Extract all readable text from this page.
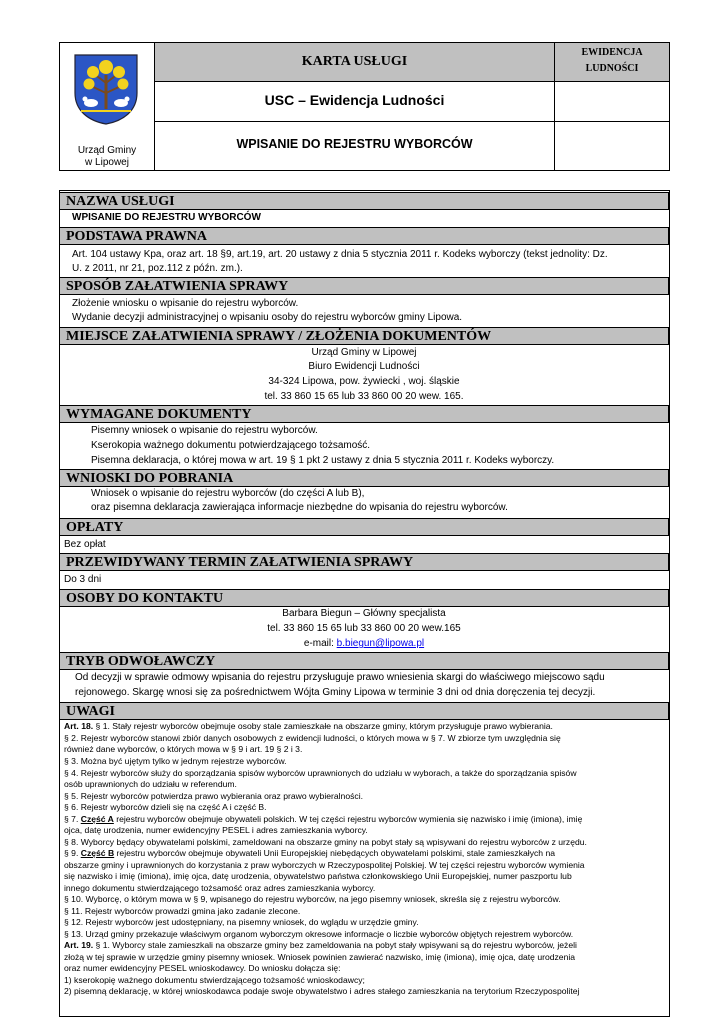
Urząd Gminy
w Lipowej
KARTA USŁUGI
EWIDENCJA
LUDNOŚCI
USC – Ewidencja Ludności
WPISANIE DO REJESTRU WYBORCÓW
NAZWA USŁUGI
WPISANIE DO REJESTRU WYBORCÓW
PODSTAWA PRAWNA
Art. 104 ustawy Kpa, oraz art. 18 §9, art.19, art. 20 ustawy z dnia 5 stycznia 2011 r. Kodeks wyborczy (tekst jednolity: Dz.
U. z 2011, nr 21, poz.112 z późn. zm.).
SPOSÓB ZAŁATWIENIA SPRAWY
Złożenie wniosku o wpisanie do rejestru wyborców.
Wydanie decyzji administracyjnej o wpisaniu osoby do rejestru wyborców gminy Lipowa.
MIEJSCE ZAŁATWIENIA SPRAWY / ZŁOŻENIA DOKUMENTÓW
Urząd Gminy w Lipowej
Biuro Ewidencji Ludności
34-324 Lipowa, pow. żywiecki , woj. śląskie
tel. 33 860 15 65 lub 33 860 00 20 wew. 165.
WYMAGANE DOKUMENTY
Pisemny wniosek o wpisanie do rejestru wyborców.
Kserokopia ważnego dokumentu potwierdzającego tożsamość.
Pisemna deklaracja, o której mowa w art. 19 § 1 pkt 2 ustawy z dnia 5 stycznia 2011 r. Kodeks wyborczy.
WNIOSKI DO POBRANIA
Wniosek o wpisanie do rejestru wyborców (do części A lub B),
oraz pisemna deklaracja zawierająca informacje niezbędne do wpisania do rejestru wyborców.
OPŁATY
Bez opłat
PRZEWIDYWANY TERMIN ZAŁATWIENIA SPRAWY
Do 3 dni
OSOBY DO KONTAKTU
Barbara Biegun – Główny specjalista
tel. 33 860 15 65 lub 33 860 00 20 wew.165
e-mail: b.biegun@lipowa.pl
TRYB ODWOŁAWCZY
Od decyzji w sprawie odmowy wpisania do rejestru przysługuje prawo wniesienia skargi do właściwego miejscowo sądu
rejonowego. Skargę wnosi się za pośrednictwem Wójta Gminy Lipowa w terminie 3 dni od dnia doręczenia tej decyzji.
UWAGI
Art. 18. § 1. Stały rejestr wyborców obejmuje osoby stale zamieszkałe na obszarze gminy, którym przysługuje prawo wybierania.
§ 2. Rejestr wyborców stanowi zbiór danych osobowych z ewidencji ludności, o których mowa w § 7. W zbiorze tym uwzględnia się
również dane wyborców, o których mowa w § 9 i art. 19 § 2 i 3.
§ 3. Można być ujętym tylko w jednym rejestrze wyborców.
§ 4. Rejestr wyborców służy do sporządzania spisów wyborców uprawnionych do udziału w wyborach, a także do sporządzania spisów
osób uprawnionych do udziału w referendum.
§ 5. Rejestr wyborców potwierdza prawo wybierania oraz prawo wybieralności.
§ 6. Rejestr wyborców dzieli się na część A i część B.
§ 7. Część A rejestru wyborców obejmuje obywateli polskich. W tej części rejestru wyborców wymienia się nazwisko i imię (imiona), imię
ojca, datę urodzenia, numer ewidencyjny PESEL i adres zamieszkania wyborcy.
§ 8. Wyborcy będący obywatelami polskimi, zameldowani na obszarze gminy na pobyt stały są wpisywani do rejestru wyborców z urzędu.
§ 9. Część B rejestru wyborców obejmuje obywateli Unii Europejskiej niebędących obywatelami polskimi, stale zamieszkałych na
obszarze gminy i uprawnionych do korzystania z praw wyborczych w Rzeczypospolitej Polskiej. W tej części rejestru wyborców wymienia
się nazwisko i imię (imiona), imię ojca, datę urodzenia, obywatelstwo państwa członkowskiego Unii Europejskiej, numer paszportu lub
innego dokumentu stwierdzającego tożsamość oraz adres zamieszkania wyborcy.
§ 10. Wyborcę, o którym mowa w § 9, wpisanego do rejestru wyborców, na jego pisemny wniosek, skreśla się z rejestru wyborców.
§ 11. Rejestr wyborców prowadzi gmina jako zadanie zlecone.
§ 12. Rejestr wyborców jest udostępniany, na pisemny wniosek, do wglądu w urzędzie gminy.
§ 13. Urząd gminy przekazuje właściwym organom wyborczym okresowe informacje o liczbie wyborców objętych rejestrem wyborców.
Art. 19. § 1. Wyborcy stale zamieszkali na obszarze gminy bez zameldowania na pobyt stały wpisywani są do rejestru wyborców, jeżeli
złożą w tej sprawie w urzędzie gminy pisemny wniosek. Wniosek powinien zawierać nazwisko, imię (imiona), imię ojca, datę urodzenia
oraz numer ewidencyjny PESEL wnioskodawcy. Do wniosku dołącza się:
1) kserokopię ważnego dokumentu stwierdzającego tożsamość wnioskodawcy;
2) pisemną deklarację, w której wnioskodawca podaje swoje obywatelstwo i adres stałego zamieszkania na terytorium Rzeczypospolitej
